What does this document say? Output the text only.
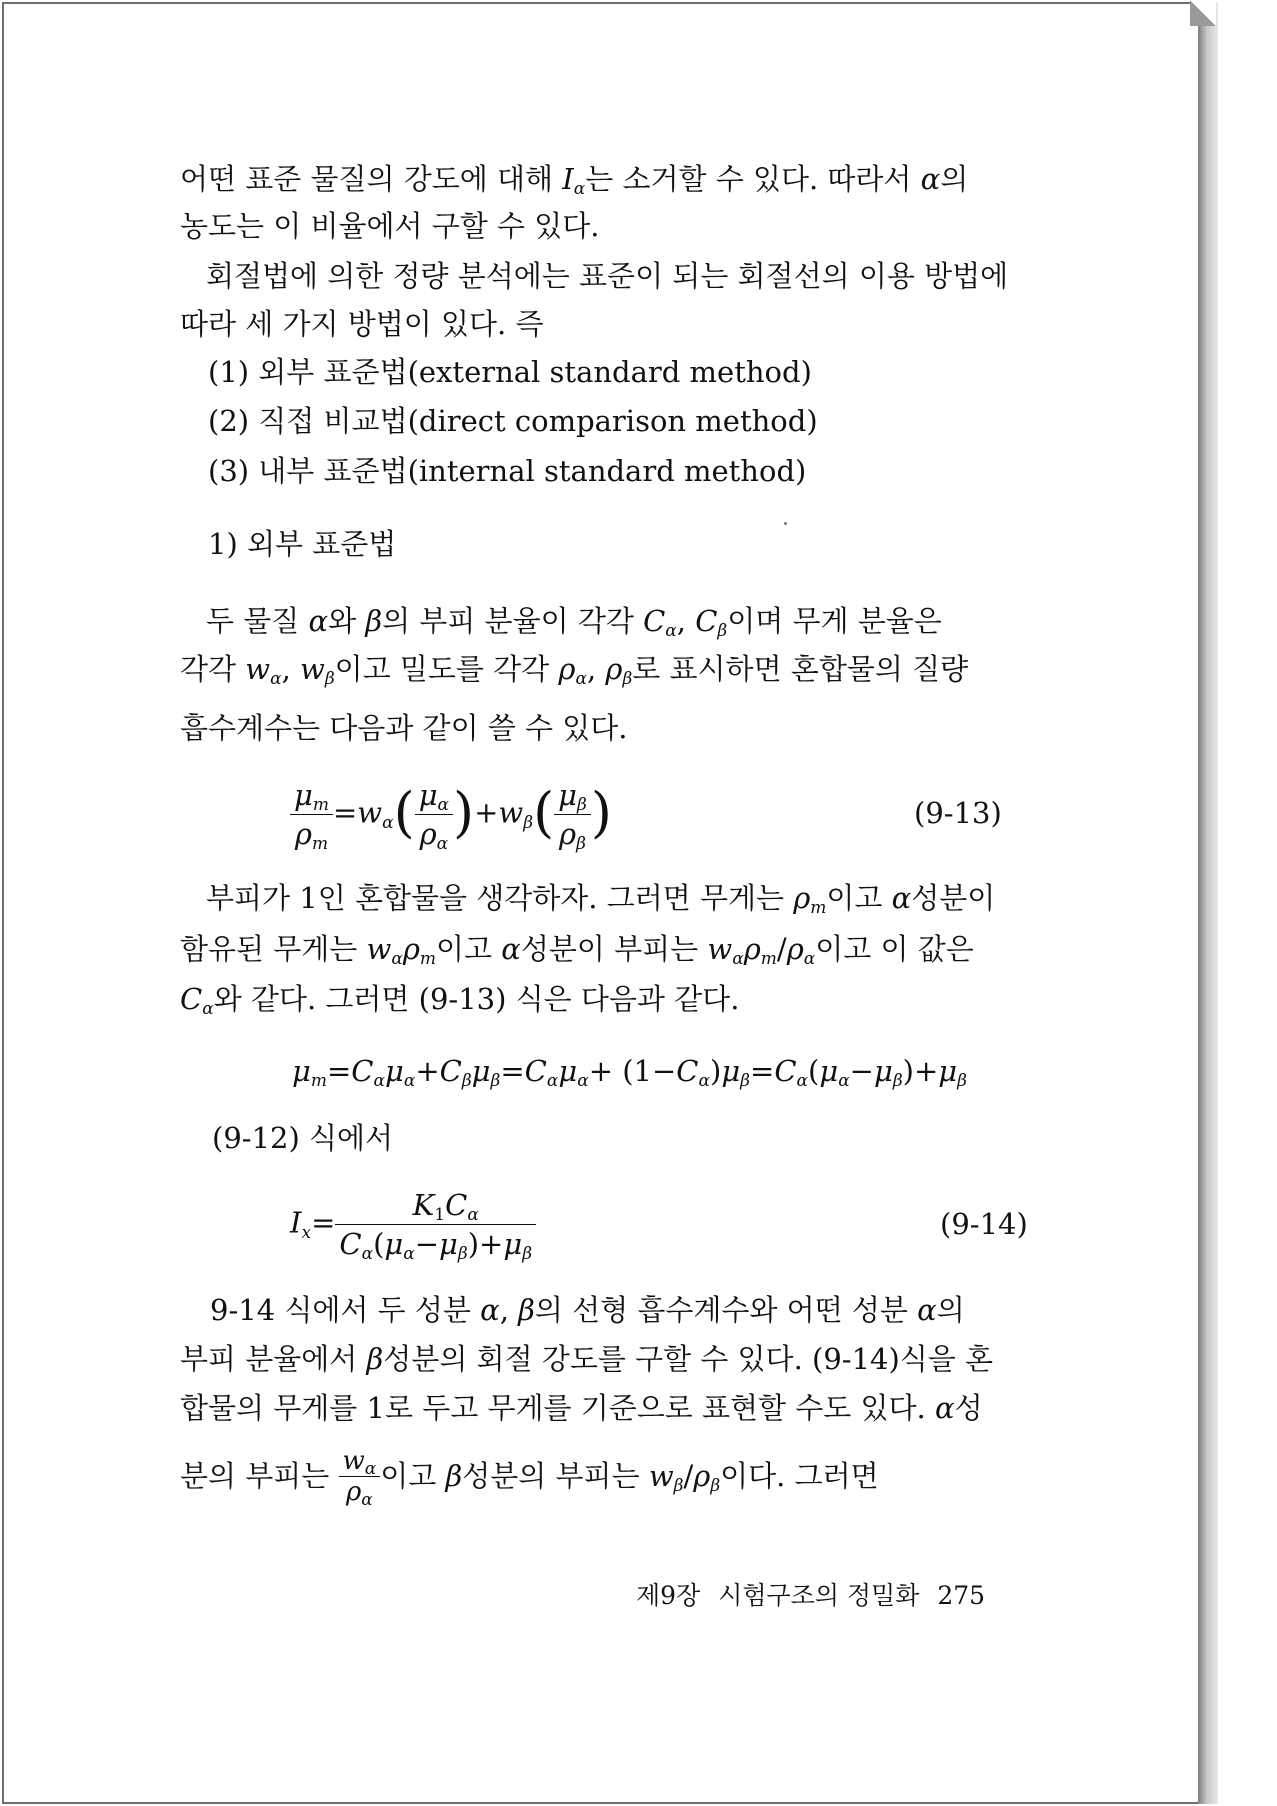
어떤 표준 물질의 강도에 대해 Iα는 소거할 수 있다. 따라서 α의
농도는 이 비율에서 구할 수 있다.
회절법에 의한 정량 분석에는 표준이 되는 회절선의 이용 방법에
따라 세 가지 방법이 있다. 즉
(1) 외부 표준법(external standard method)
(2) 직접 비교법(direct comparison method)
(3) 내부 표준법(internal standard method)
1) 외부 표준법
두 물질 α와 β의 부피 분율이 각각 Cα, Cβ이며 무게 분율은
각각 wα, wβ이고 밀도를 각각 ρα, ρβ로 표시하면 혼합물의 질량
흡수계수는 다음과 같이 쓸 수 있다.
$\frac{\mu m}{\rho m} =w\alpha( \frac{\mu\alpha}{\rho\alpha} )+w\beta( \frac{\mu\beta}{\rho\beta}$ )	(9-13)
부피가 1인 혼합물을 생각하자. 그러면 무게는 ρm이고 α성분이
함유된 무게는 wαρm이고 α성분이 부피는 wαρm/ρα이고 이 값은
Cα와 같다. 그러면 (9-13) 식은 다음과 같다.
μm=Cαμα+Cβμβ=Cαμα+ (1−Cα)μβ=Cα(μα−μβ)+μβ
(9-12) 식에서
$Ix= \frac{K1C\alpha}{C\alpha(\mu\alpha-\mu\beta)+\mu\beta}$	(9-14)
9-14 식에서 두 성분 α, β의 선형 흡수계수와 어떤 성분 α의
부피 분율에서 β성분의 회절 강도를 구할 수 있다. (9-14)식을 혼
합물의 무게를 1로 두고 무게를 기준으로 표현할 수도 있다. α성
분의 부피는 $\frac{w\alpha}{\rho\alpha}$ 이고 β성분의 부피는 wβ/ρβ이다. 그러면
제9장 시험구조의 정밀화 275
